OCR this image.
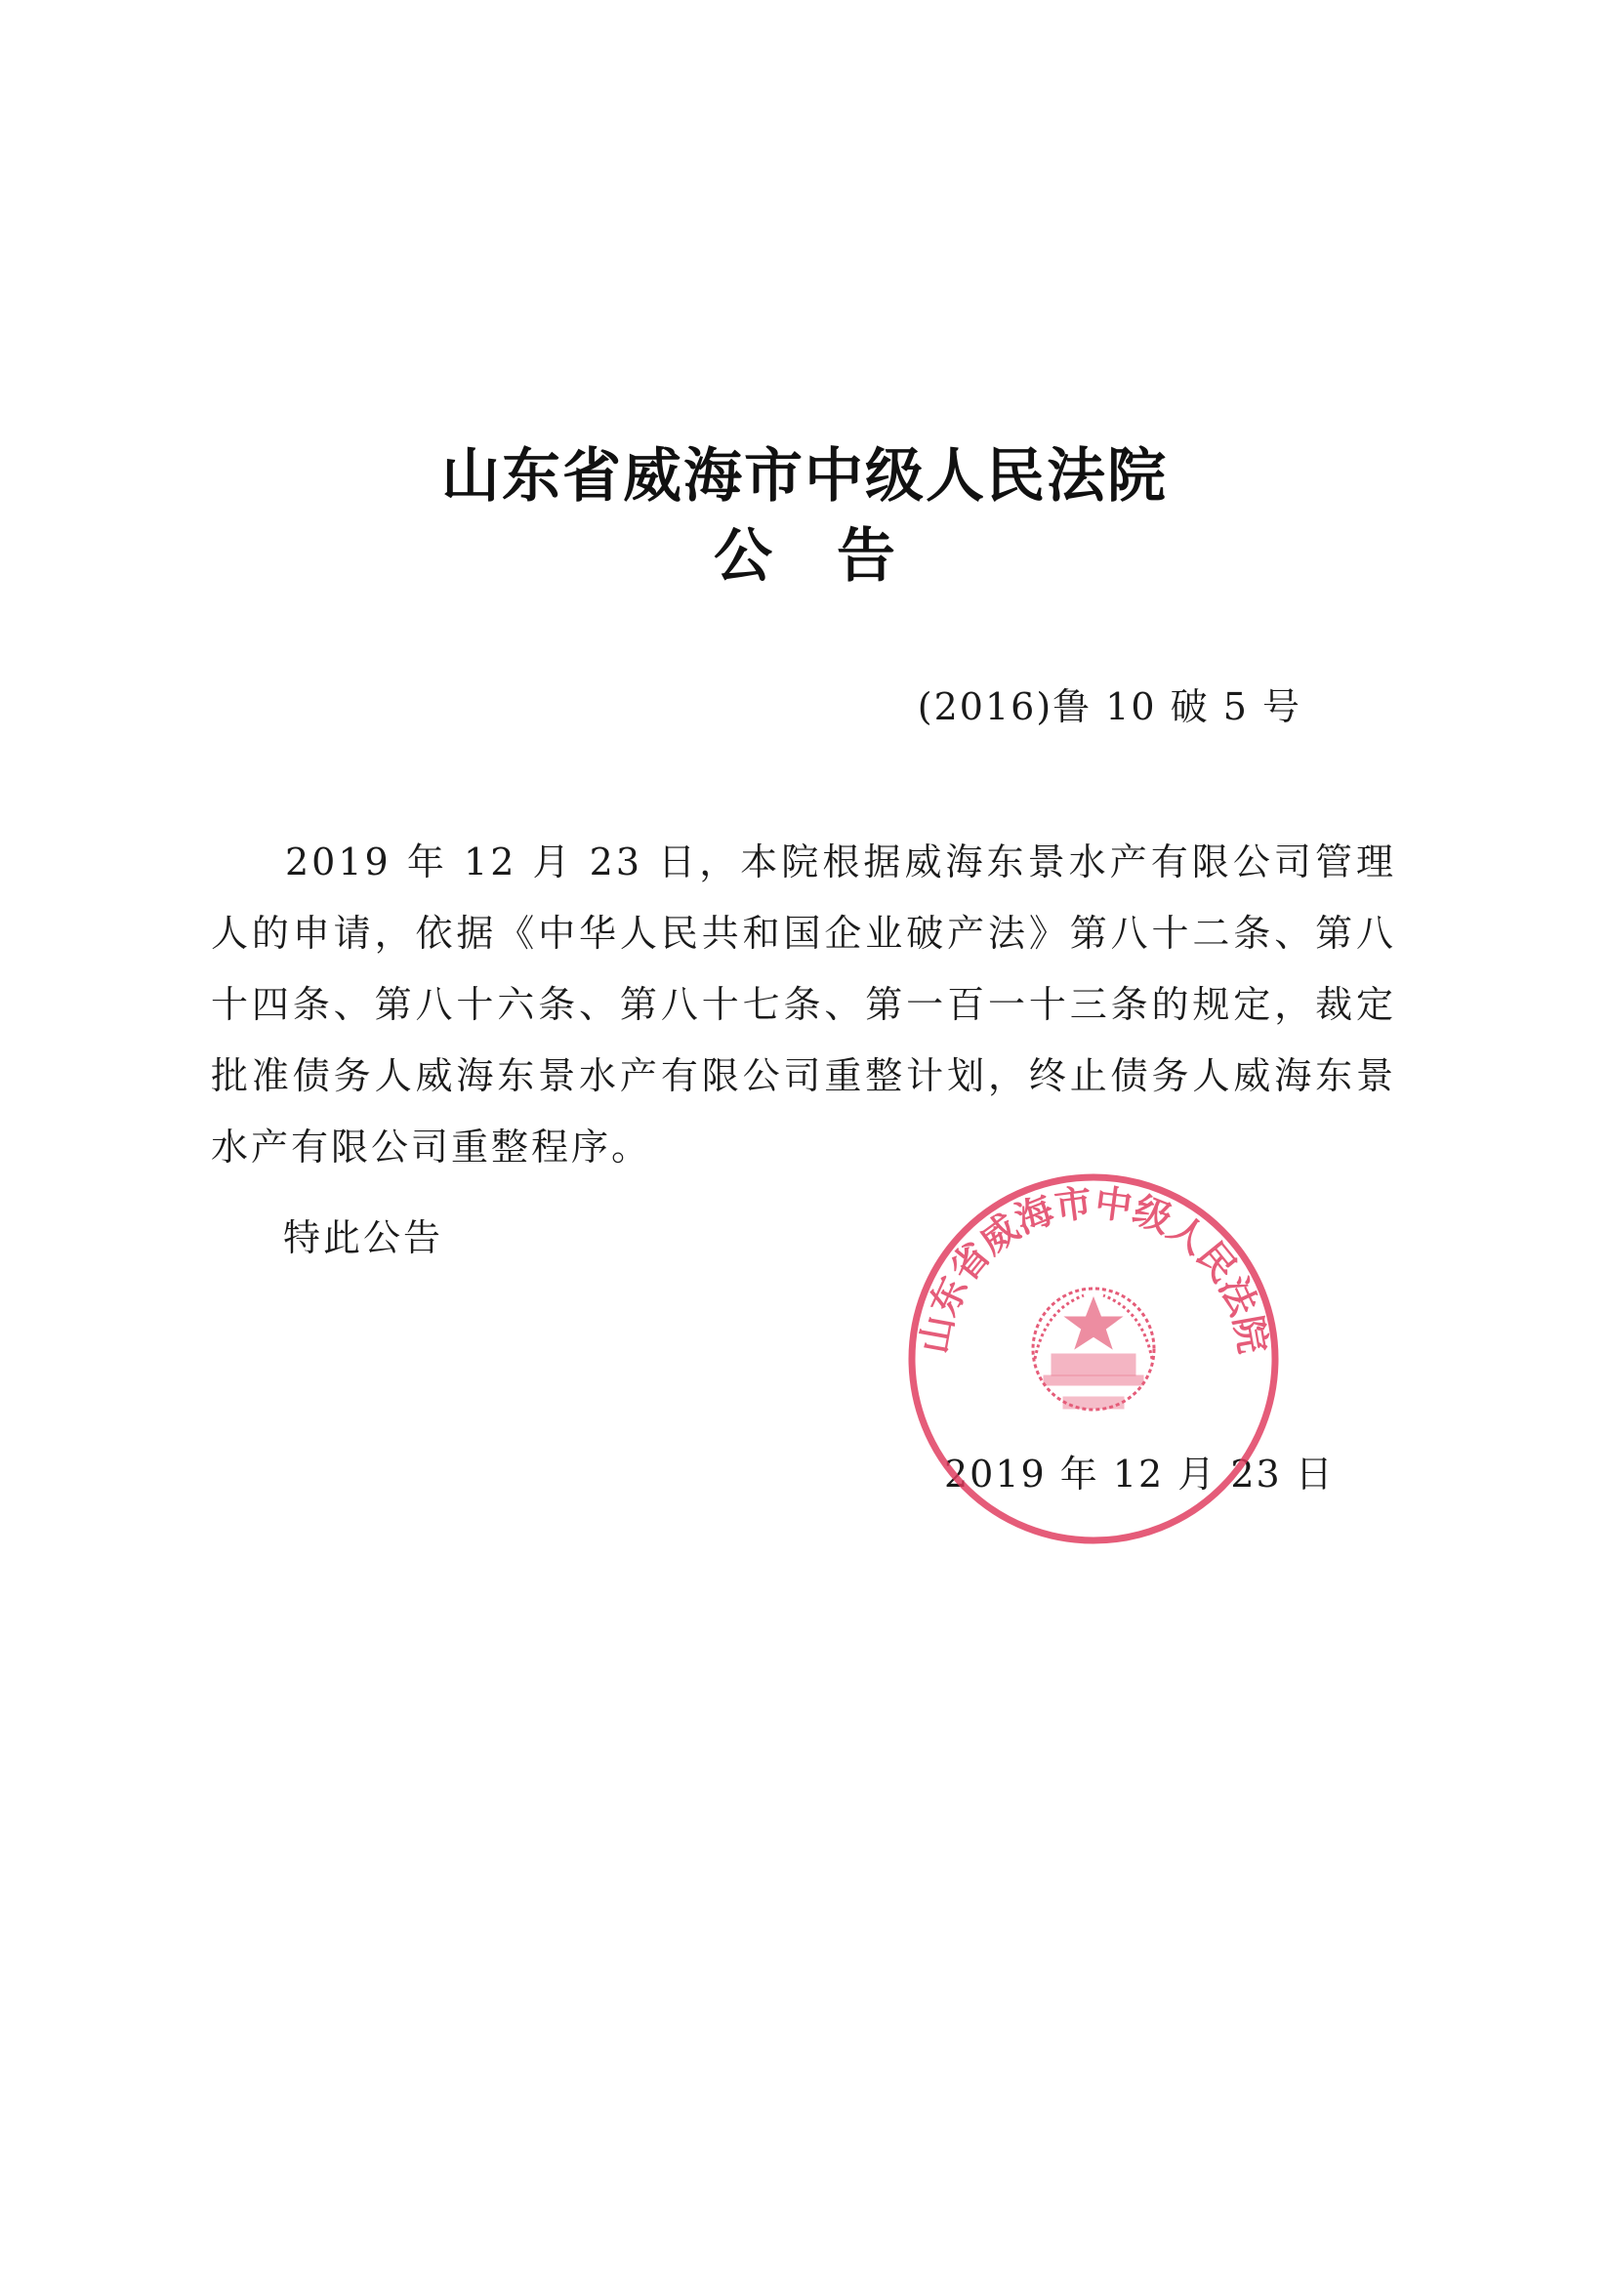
山东省威海市中级人民法院
公告
(2016)鲁 10 破 5 号

2019 年 12 月 23 日，本院根据威海东景水产有限公司管理人的申请，依据《中华人民共和国企业破产法》第八十二条、第八十四条、第八十六条、第八十七条、第一百一十三条的规定，裁定批准债务人威海东景水产有限公司重整计划，终止债务人威海东景水产有限公司重整程序。

特此公告
2019 年 12 月 23 日
山东省威海市中级人民法院
